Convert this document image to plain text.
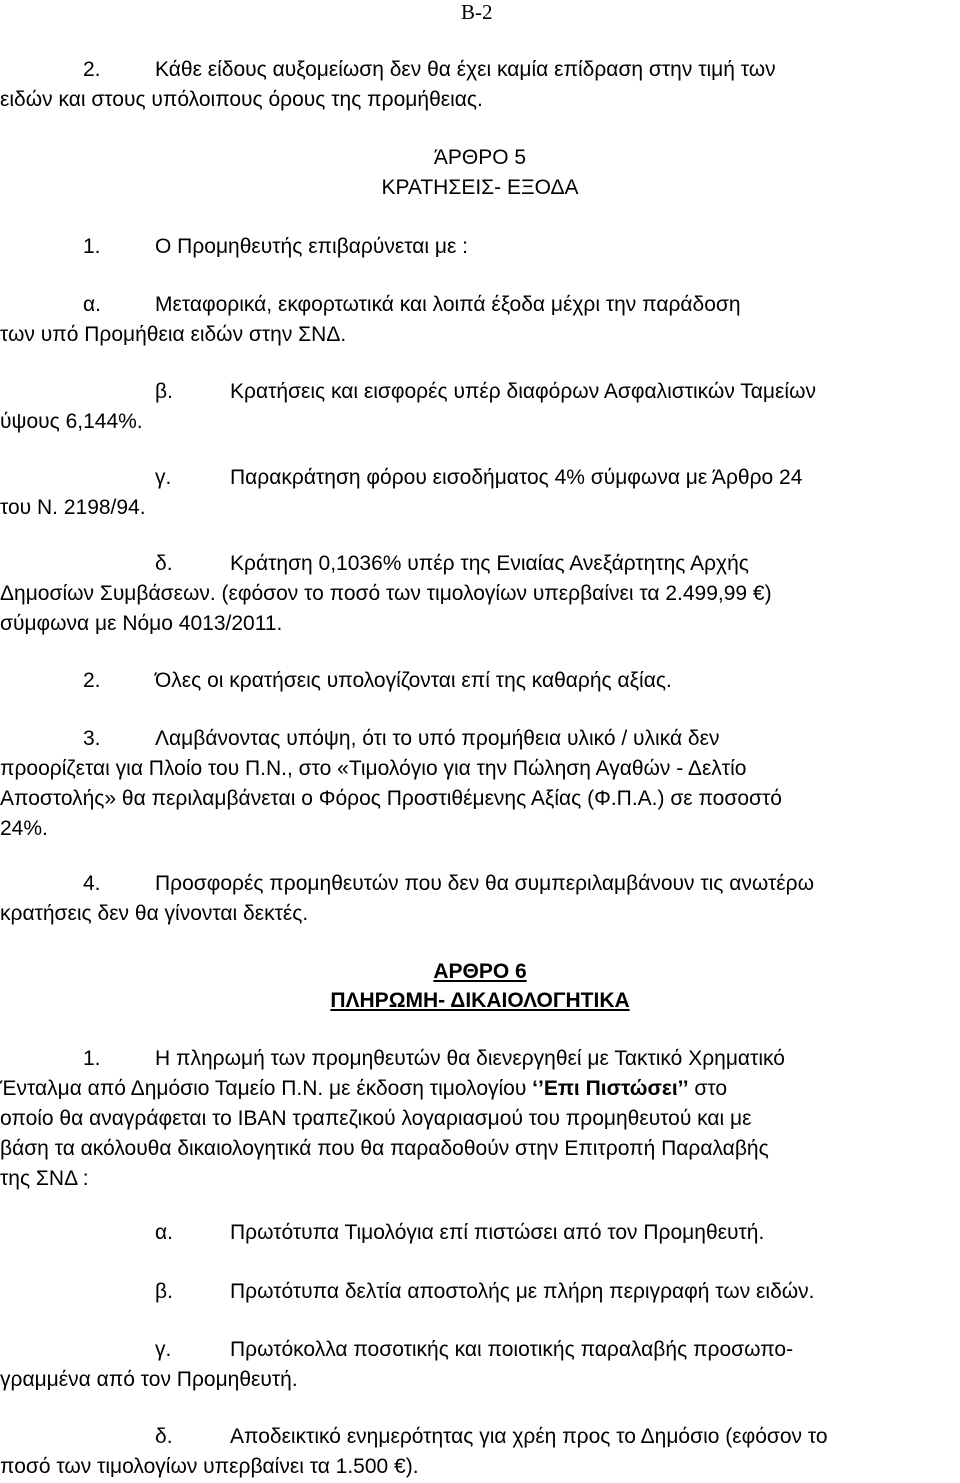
Β-2
2.	Κάθε είδους αυξομείωση δεν θα έχει καμία επίδραση στην τιμή των
ειδών και στους υπόλοιπους όρους της προμήθειας.
ΆΡΘΡΟ 5
ΚΡΑΤΗΣΕΙΣ- ΕΞΟΔΑ
1.	Ο Προμηθευτής επιβαρύνεται με :
α.	Μεταφορικά, εκφορτωτικά και λοιπά έξοδα μέχρι την παράδοση
των υπό Προμήθεια ειδών στην ΣΝΔ.
β.	Κρατήσεις και εισφορές υπέρ διαφόρων Ασφαλιστικών Ταμείων
ύψους 6,144%.
γ.	Παρακράτηση φόρου εισοδήματος 4% σύμφωνα με Άρθρο 24
του Ν. 2198/94.
δ.	Κράτηση 0,1036% υπέρ της Ενιαίας Ανεξάρτητης Αρχής
Δημοσίων Συμβάσεων. (εφόσον το ποσό των τιμολογίων υπερβαίνει τα 2.499,99 €)
σύμφωνα με Νόμο 4013/2011.
2.	Όλες οι κρατήσεις υπολογίζονται επί της καθαρής αξίας.
3.	Λαμβάνοντας υπόψη, ότι το υπό προμήθεια υλικό / υλικά δεν
προορίζεται για Πλοίο του Π.Ν., στο «Τιμολόγιο για την Πώληση Αγαθών - Δελτίο
Αποστολής» θα περιλαμβάνεται ο Φόρος Προστιθέμενης Αξίας (Φ.Π.Α.) σε ποσοστό
24%.
4.	Προσφορές προμηθευτών που δεν θα συμπεριλαμβάνουν τις ανωτέρω
κρατήσεις δεν θα γίνονται δεκτές.
ΑΡΘΡΟ 6
ΠΛΗΡΩΜΗ- ΔΙΚΑΙΟΛΟΓΗΤΙΚΑ
1.	Η πληρωμή των προμηθευτών θα διενεργηθεί με Τακτικό Χρηματικό
Ένταλμα από Δημόσιο Ταμείο Π.Ν. με έκδοση τιμολογίου ‘’Επι Πιστώσει’’ στο
οποίο θα αναγράφεται το IBAN τραπεζικού λογαριασμού του προμηθευτού και με
βάση τα ακόλουθα δικαιολογητικά που θα παραδοθούν στην Επιτροπή Παραλαβής
της ΣΝΔ :
α.	Πρωτότυπα Τιμολόγια επί πιστώσει από τον Προμηθευτή.
β.	Πρωτότυπα δελτία αποστολής με πλήρη περιγραφή των ειδών.
γ.	Πρωτόκολλα ποσοτικής και ποιοτικής παραλαβής προσωπο-
γραμμένα από τον Προμηθευτή.
δ.	Αποδεικτικό ενημερότητας για χρέη προς το Δημόσιο (εφόσον το
ποσό των τιμολογίων υπερβαίνει τα 1.500 €).
